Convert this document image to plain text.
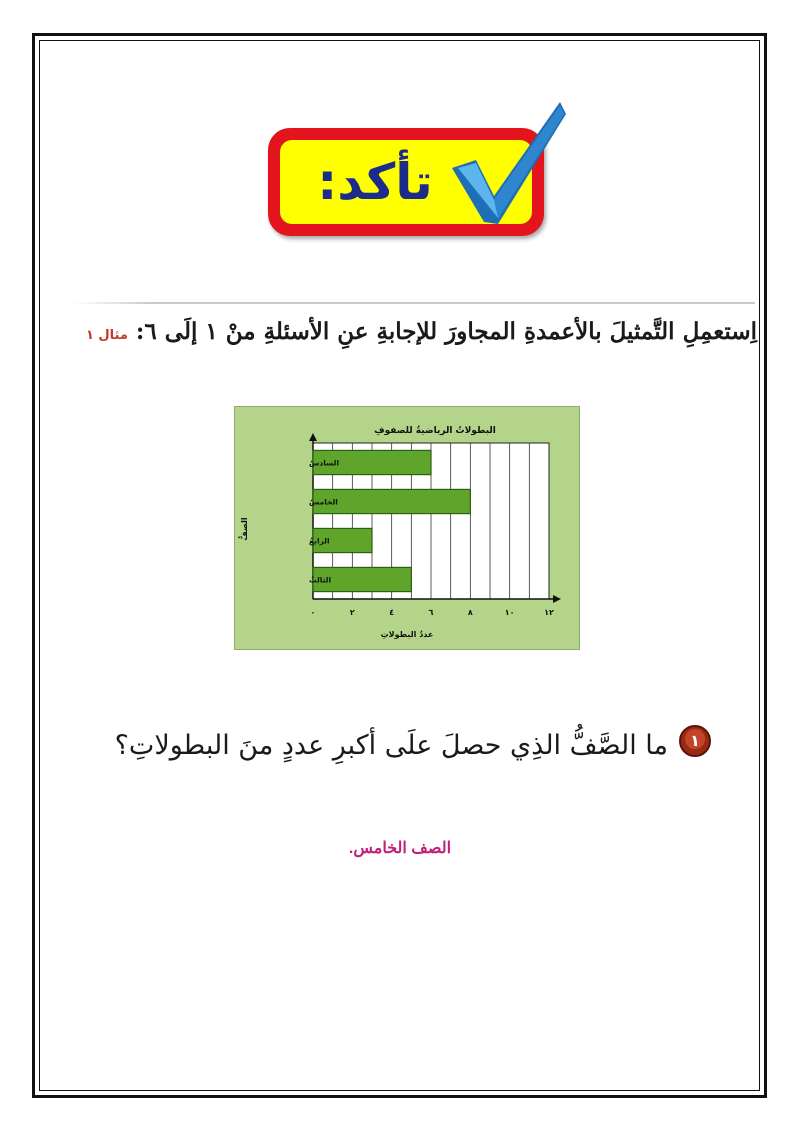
تأكد:
اِستعمِلِ التَّمثيلَ بالأعمدةِ المجاورَ للإجابةِ عنِ الأسئلةِ منْ ١ إلَى ٦: مثال ١
البطولاتُ الرياضيةُ للصفوفِ
عددُ البطولاتِ
الصفُّ
٠	٢	٤	٦	٨	١٠	١٢
السادسُ
الخامسُ
الرابعُ
الثالثُ
١
ما الصَّفُّ الذِي حصلَ علَى أكبرِ عددٍ منَ البطولاتِ؟
الصف الخامس.
